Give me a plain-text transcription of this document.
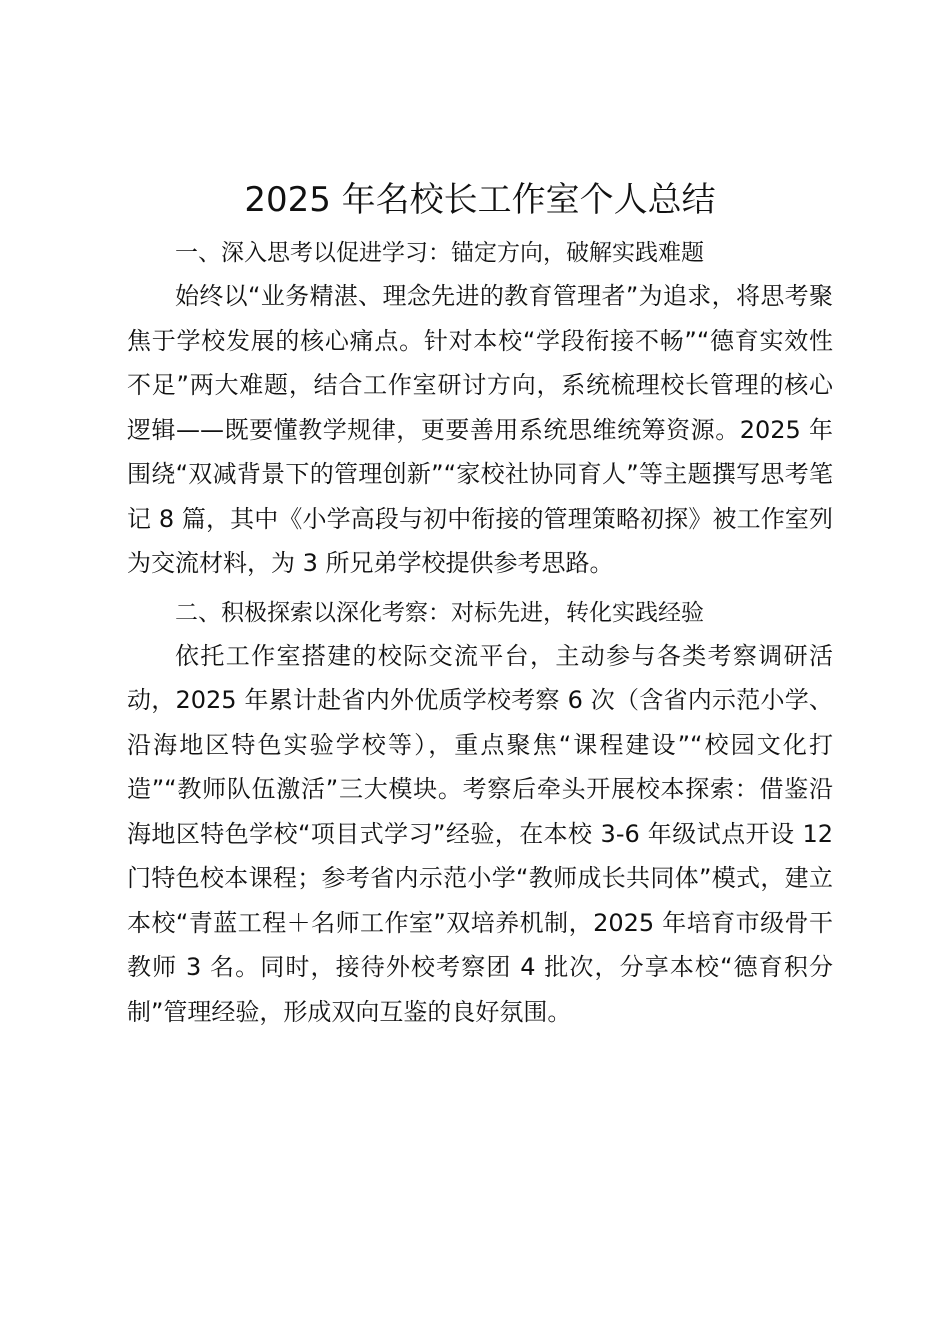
2025 年名校长工作室个人总结

一、深入思考以促进学习：锚定方向，破解实践难题

始终以“业务精湛、理念先进的教育管理者”为追求，将思考聚焦于学校发展的核心痛点。针对本校“学段衔接不畅”“德育实效性不足”两大难题，结合工作室研讨方向，系统梳理校长管理的核心逻辑——既要懂教学规律，更要善用系统思维统筹资源。2025 年围绕“双减背景下的管理创新”“家校社协同育人”等主题撰写思考笔记 8 篇，其中《小学高段与初中衔接的管理策略初探》被工作室列为交流材料，为 3 所兄弟学校提供参考思路。

二、积极探索以深化考察：对标先进，转化实践经验

依托工作室搭建的校际交流平台，主动参与各类考察调研活动，2025 年累计赴省内外优质学校考察 6 次（含省内示范小学、沿海地区特色实验学校等），重点聚焦“课程建设”“校园文化打造”“教师队伍激活”三大模块。考察后牵头开展校本探索：借鉴沿海地区特色学校“项目式学习”经验，在本校 3-6 年级试点开设 12 门特色校本课程；参考省内示范小学“教师成长共同体”模式，建立本校“青蓝工程＋名师工作室”双培养机制，2025 年培育市级骨干教师 3 名。同时，接待外校考察团 4 批次，分享本校“德育积分制”管理经验，形成双向互鉴的良好氛围。
